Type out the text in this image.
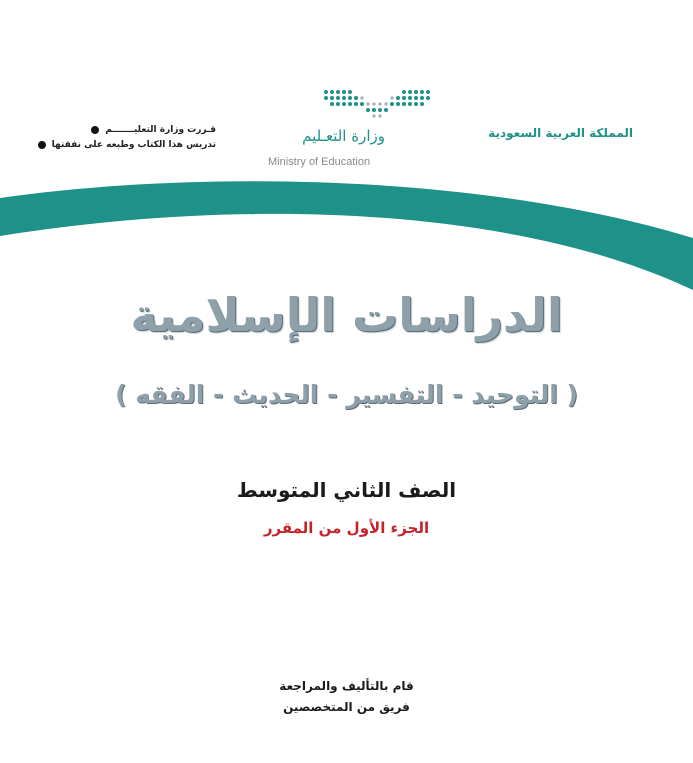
المملكة العربية السعودية
وزارة التعـليم
Ministry of Education
قـررت وزارة التعليـــــــم
تدريس هذا الكتاب وطبعه على نفقتها
الدراسات الإسلامية
( التوحيد - التفسير - الحديث - الفقه )
الصف الثاني المتوسط
الجزء الأول من المقرر
قام بالتأليف والمراجعة
فريق من المتخصصين
